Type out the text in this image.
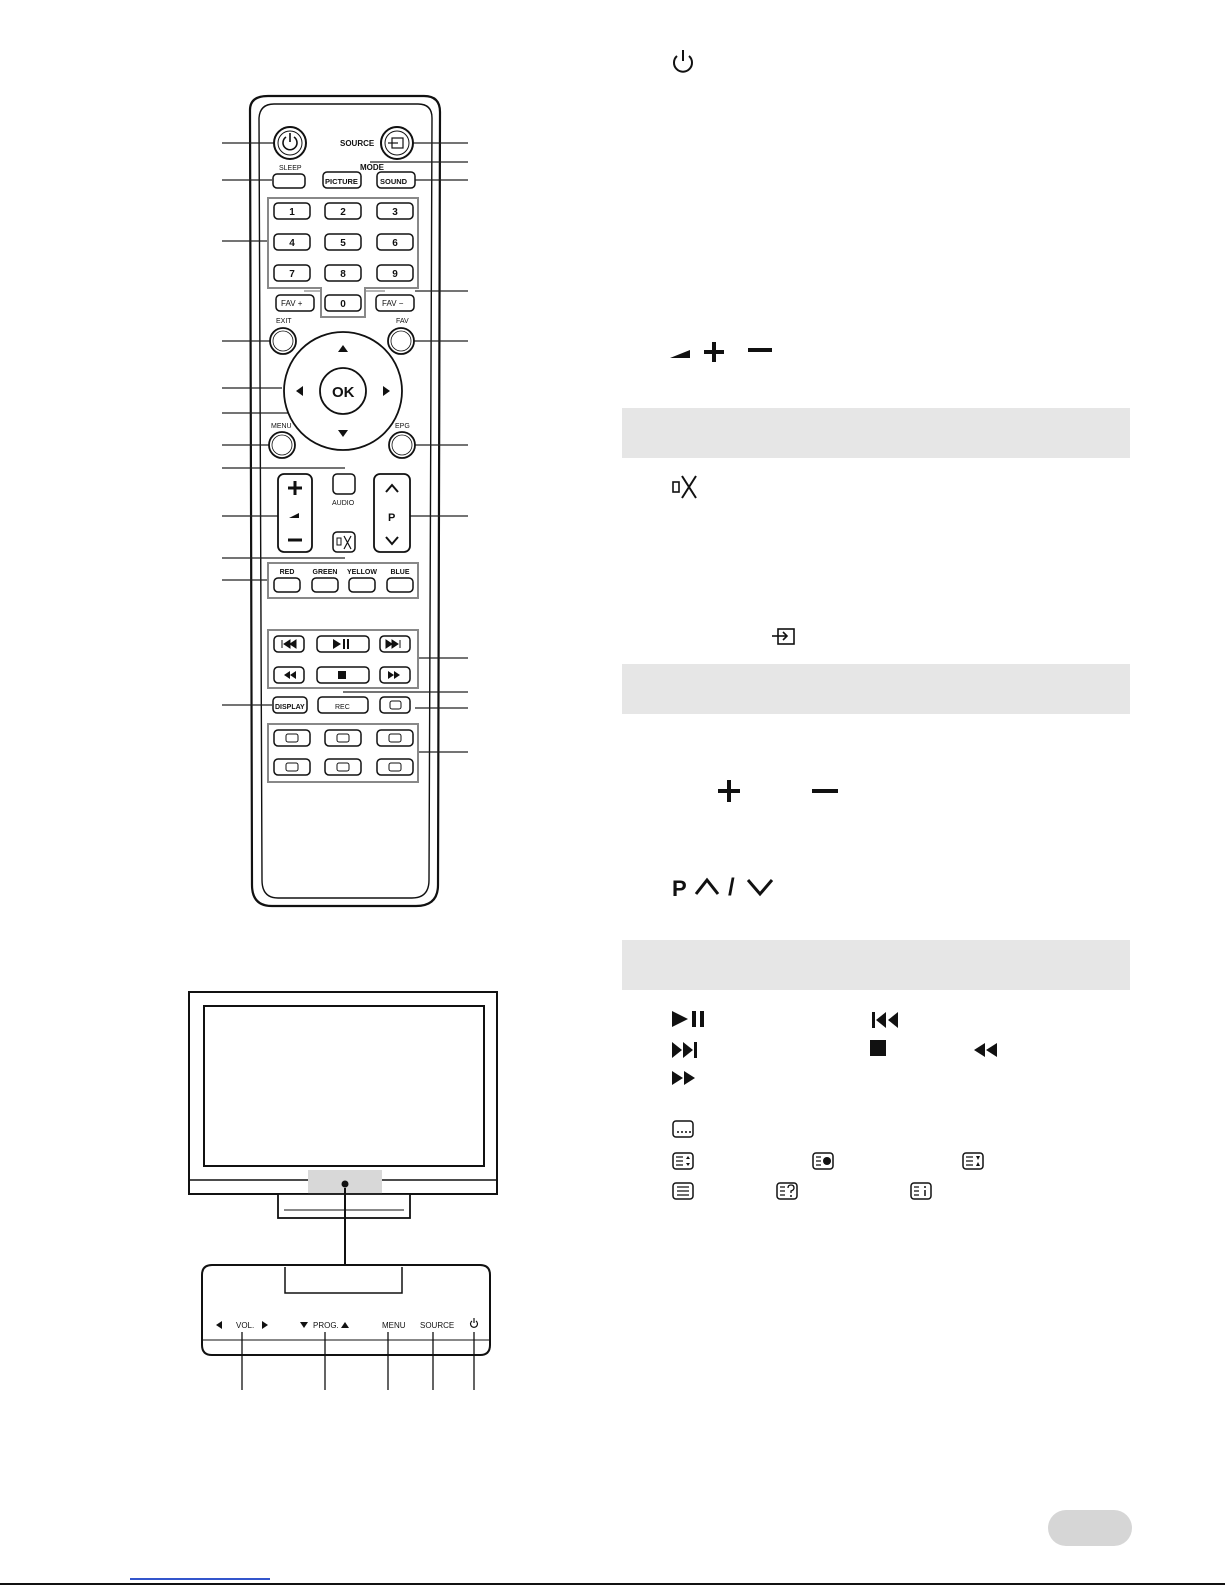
SOURCE
SLEEP	MODE
PICTURE	SOUND
1	2	3
4	5	6
7	8	9
0
FAV +	FAV −
EXIT	FAV
OK
MENU	EPG
AUDIO
P
RED	GREEN YELLOW BLUE
DISPLAY	REC
VOL.	PROG.	MENU SOURCE
P /
